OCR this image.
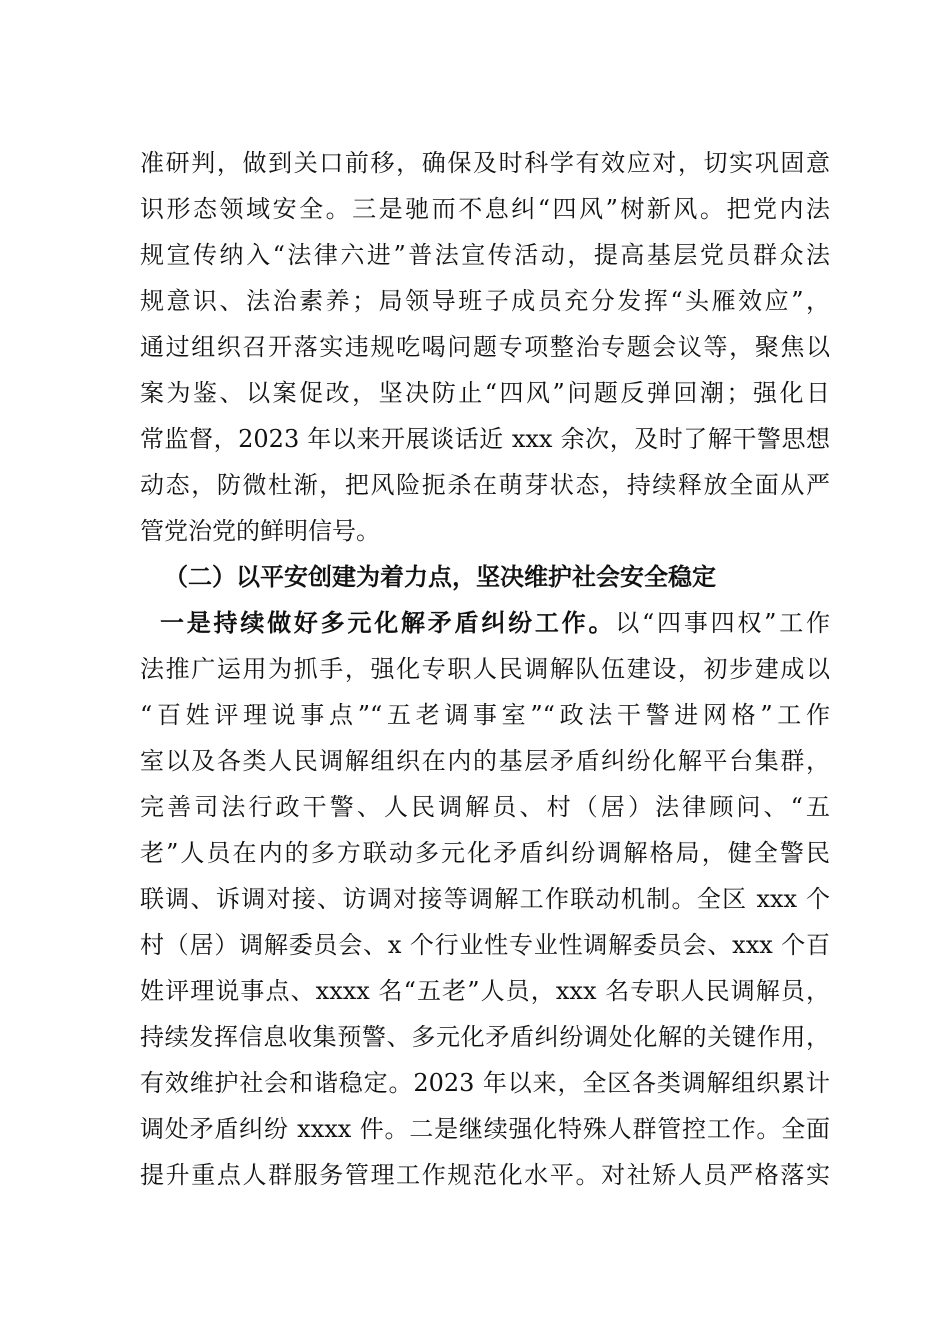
准研判，做到关口前移，确保及时科学有效应对，切实巩固意
识形态领域安全。三是驰而不息纠“四风”树新风。把党内法
规宣传纳入“法律六进”普法宣传活动，提高基层党员群众法
规意识、法治素养；局领导班子成员充分发挥“头雁效应”，
通过组织召开落实违规吃喝问题专项整治专题会议等，聚焦以
案为鉴、以案促改，坚决防止“四风”问题反弹回潮；强化日
常监督，2023 年以来开展谈话近 xxx 余次，及时了解干警思想
动态，防微杜渐，把风险扼杀在萌芽状态，持续释放全面从严
管党治党的鲜明信号。
（二）以平安创建为着力点，坚决维护社会安全稳定
一是持续做好多元化解矛盾纠纷工作。以“四事四权”工作
法推广运用为抓手，强化专职人民调解队伍建设，初步建成以
“百姓评理说事点”“五老调事室”“政法干警进网格”工作
室以及各类人民调解组织在内的基层矛盾纠纷化解平台集群，
完善司法行政干警、人民调解员、村（居）法律顾问、“五
老”人员在内的多方联动多元化矛盾纠纷调解格局，健全警民
联调、诉调对接、访调对接等调解工作联动机制。全区 xxx 个
村（居）调解委员会、x 个行业性专业性调解委员会、xxx 个百
姓评理说事点、xxxx 名“五老”人员，xxx 名专职人民调解员，
持续发挥信息收集预警、多元化矛盾纠纷调处化解的关键作用，
有效维护社会和谐稳定。2023 年以来，全区各类调解组织累计
调处矛盾纠纷 xxxx 件。二是继续强化特殊人群管控工作。全面
提升重点人群服务管理工作规范化水平。对社矫人员严格落实
